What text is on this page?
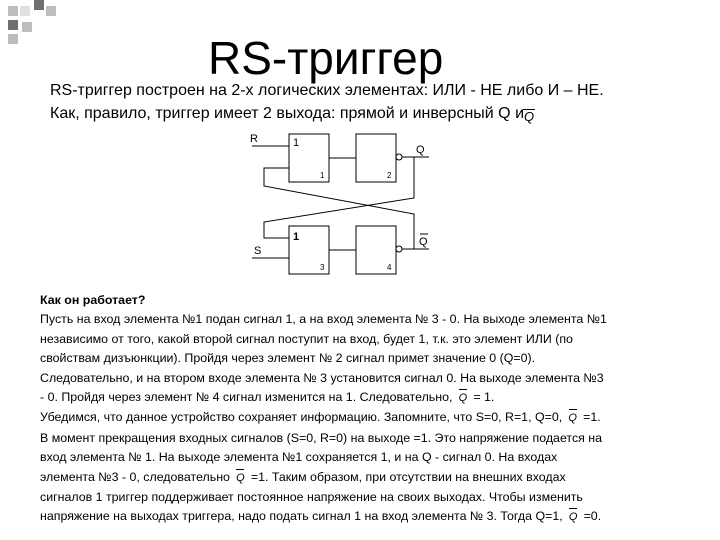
RS-триггер
RS-триггер построен на 2-х логических элементах: ИЛИ - НЕ либо И – НЕ.
Как, правило, триггер имеет 2 выхода: прямой и инверсный Q иQ
R
S
Q
Q
1
1	2
1
3	4
Как он работает?
Пусть на вход элемента №1 подан сигнал 1, а на вход элемента № 3 - 0. На выходе элемента №1
независимо от того, какой второй сигнал поступит на вход, будет 1, т.к. это элемент ИЛИ (по
свойствам дизъюнкции). Пройдя через элемент № 2 сигнал примет значение 0 (Q=0).
Следовательно, и на втором входе элемента № 3 установится сигнал 0. На выходе элемента №3
- 0. Пройдя через элемент № 4 сигнал изменится на 1. Следовательно, Q = 1.
Убедимся, что данное устройство сохраняет информацию. Запомните, что S=0, R=1, Q=0, Q =1.
В момент прекращения входных сигналов (S=0, R=0) на выходе =1. Это напряжение подается на
вход элемента № 1. На выходе элемента №1 сохраняется 1, и на Q - сигнал 0. На входах
элемента №3 - 0, следовательно Q =1. Таким образом, при отсутствии на внешних входах
сигналов 1 триггер поддерживает постоянное напряжение на своих выходах. Чтобы изменить
напряжение на выходах триггера, надо подать сигнал 1 на вход элемента № 3. Тогда Q=1, Q =0.
